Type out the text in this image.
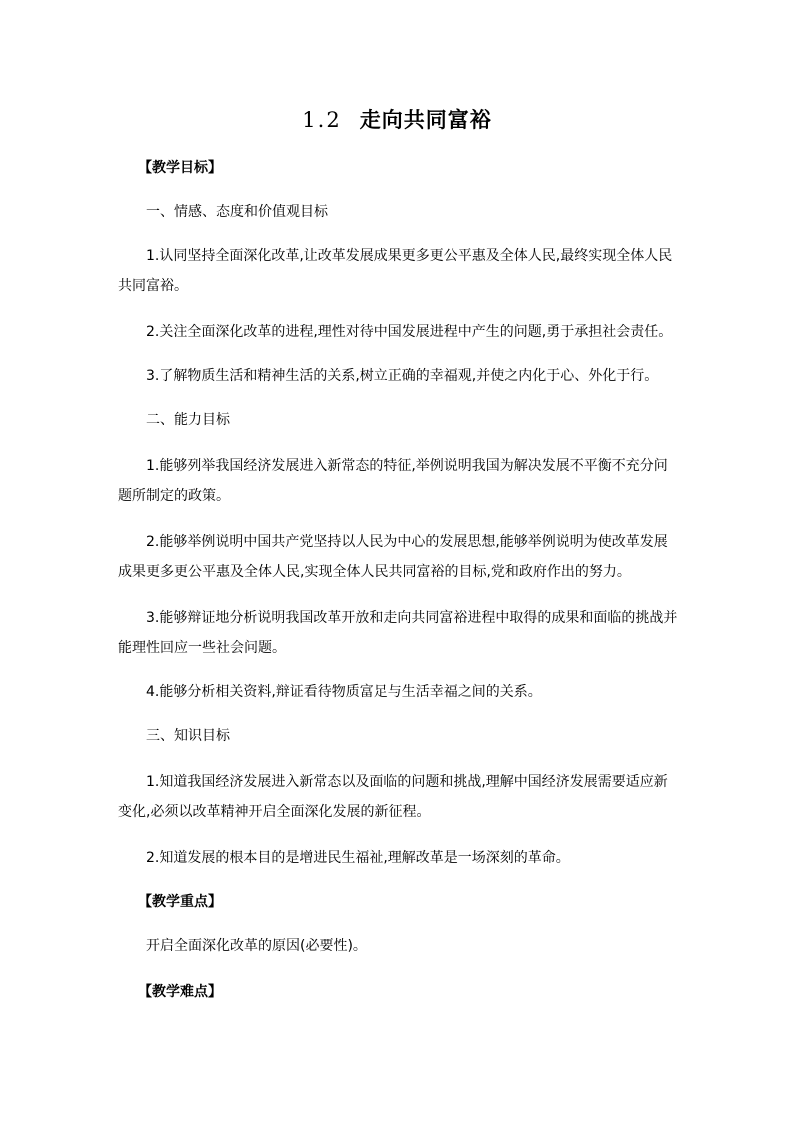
1.2 走向共同富裕
【教学目标】
一、情感、态度和价值观目标
1.认同坚持全面深化改革,让改革发展成果更多更公平惠及全体人民,最终实现全体人民
共同富裕。
2.关注全面深化改革的进程,理性对待中国发展进程中产生的问题,勇于承担社会责任。
3.了解物质生活和精神生活的关系,树立正确的幸福观,并使之内化于心、外化于行。
二、能力目标
1.能够列举我国经济发展进入新常态的特征,举例说明我国为解决发展不平衡不充分问
题所制定的政策。
2.能够举例说明中国共产党坚持以人民为中心的发展思想,能够举例说明为使改革发展
成果更多更公平惠及全体人民,实现全体人民共同富裕的目标,党和政府作出的努力。
3.能够辩证地分析说明我国改革开放和走向共同富裕进程中取得的成果和面临的挑战并
能理性回应一些社会问题。
4.能够分析相关资料,辩证看待物质富足与生活幸福之间的关系。
三、知识目标
1.知道我国经济发展进入新常态以及面临的问题和挑战,理解中国经济发展需要适应新
变化,必须以改革精神开启全面深化发展的新征程。
2.知道发展的根本目的是增进民生福祉,理解改革是一场深刻的革命。
【教学重点】
开启全面深化改革的原因(必要性)。
【教学难点】
